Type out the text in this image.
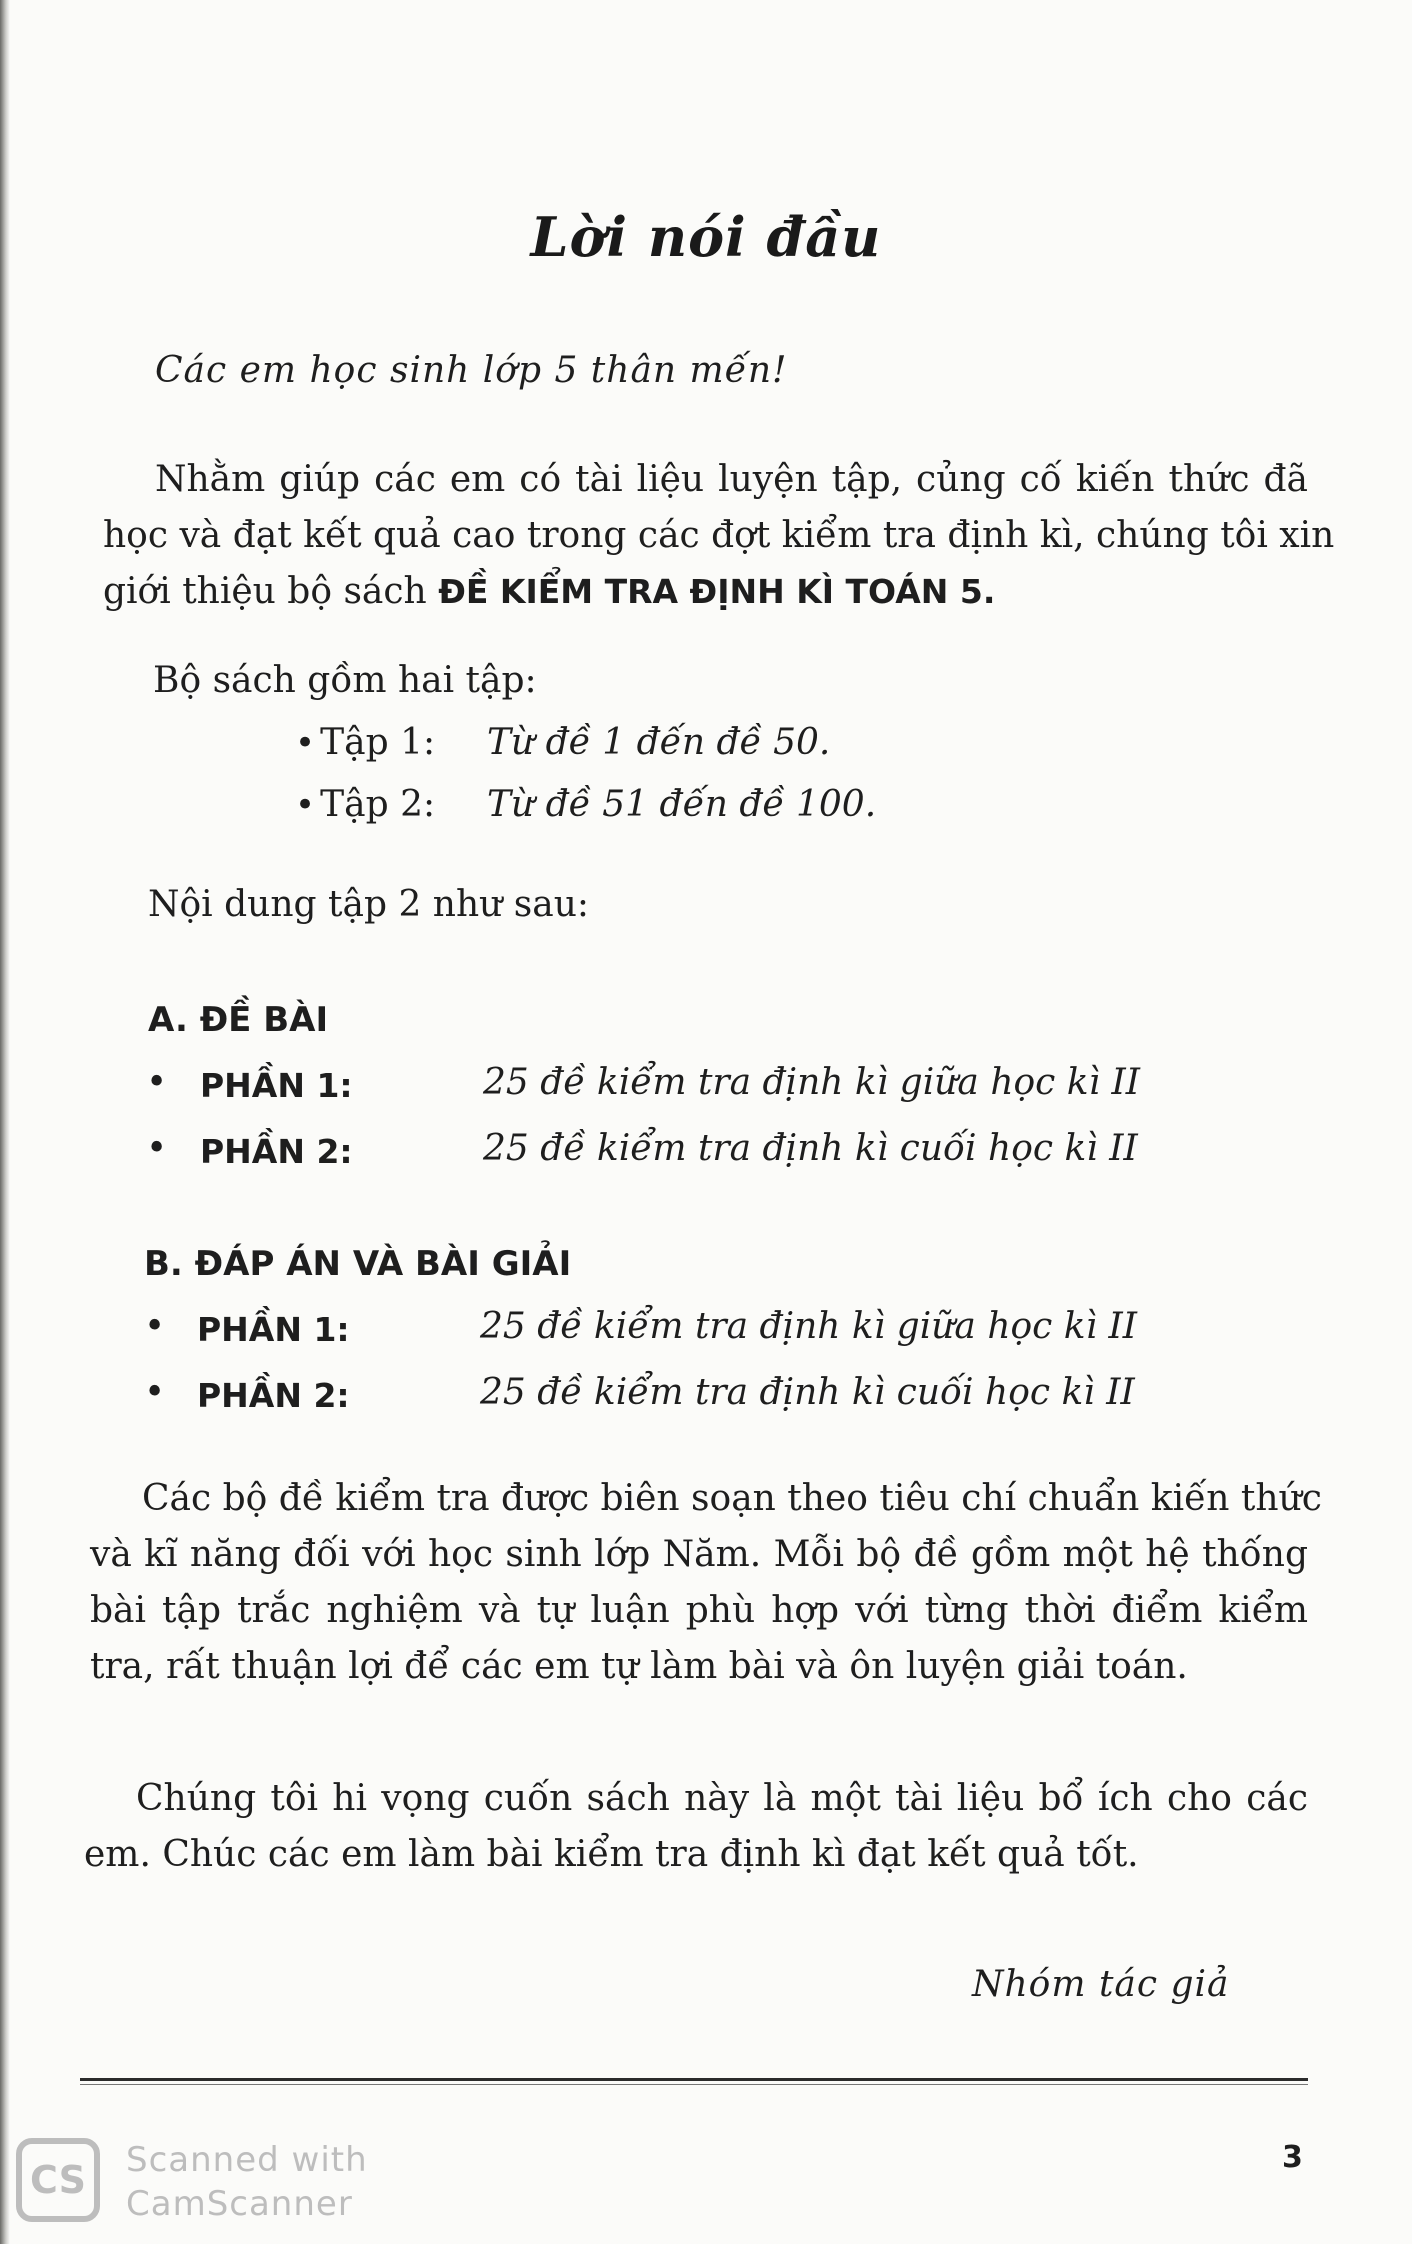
Lời nói đầu
Các em học sinh lớp 5 thân mến!
Nhằm giúp các em có tài liệu luyện tập, củng cố kiến thức đã
học và đạt kết quả cao trong các đợt kiểm tra định kì, chúng tôi xin
giới thiệu bộ sách ĐỀ KIỂM TRA ĐỊNH KÌ TOÁN 5.
Bộ sách gồm hai tập:
• Tập 1: Từ đề 1 đến đề 50.
• Tập 2: Từ đề 51 đến đề 100.
Nội dung tập 2 như sau:
A. ĐỀ BÀI
• PHẦN 1:	25 đề kiểm tra định kì giữa học kì II
• PHẦN 2:	25 đề kiểm tra định kì cuối học kì II
B. ĐÁP ÁN VÀ BÀI GIẢI
• PHẦN 1:	25 đề kiểm tra định kì giữa học kì II
• PHẦN 2:	25 đề kiểm tra định kì cuối học kì II
Các bộ đề kiểm tra được biên soạn theo tiêu chí chuẩn kiến thức
và kĩ năng đối với học sinh lớp Năm. Mỗi bộ đề gồm một hệ thống
bài tập trắc nghiệm và tự luận phù hợp với từng thời điểm kiểm
tra, rất thuận lợi để các em tự làm bài và ôn luyện giải toán.
Chúng tôi hi vọng cuốn sách này là một tài liệu bổ ích cho các
em. Chúc các em làm bài kiểm tra định kì đạt kết quả tốt.
Nhóm tác giả
CS Scanned with
CamScanner
3
